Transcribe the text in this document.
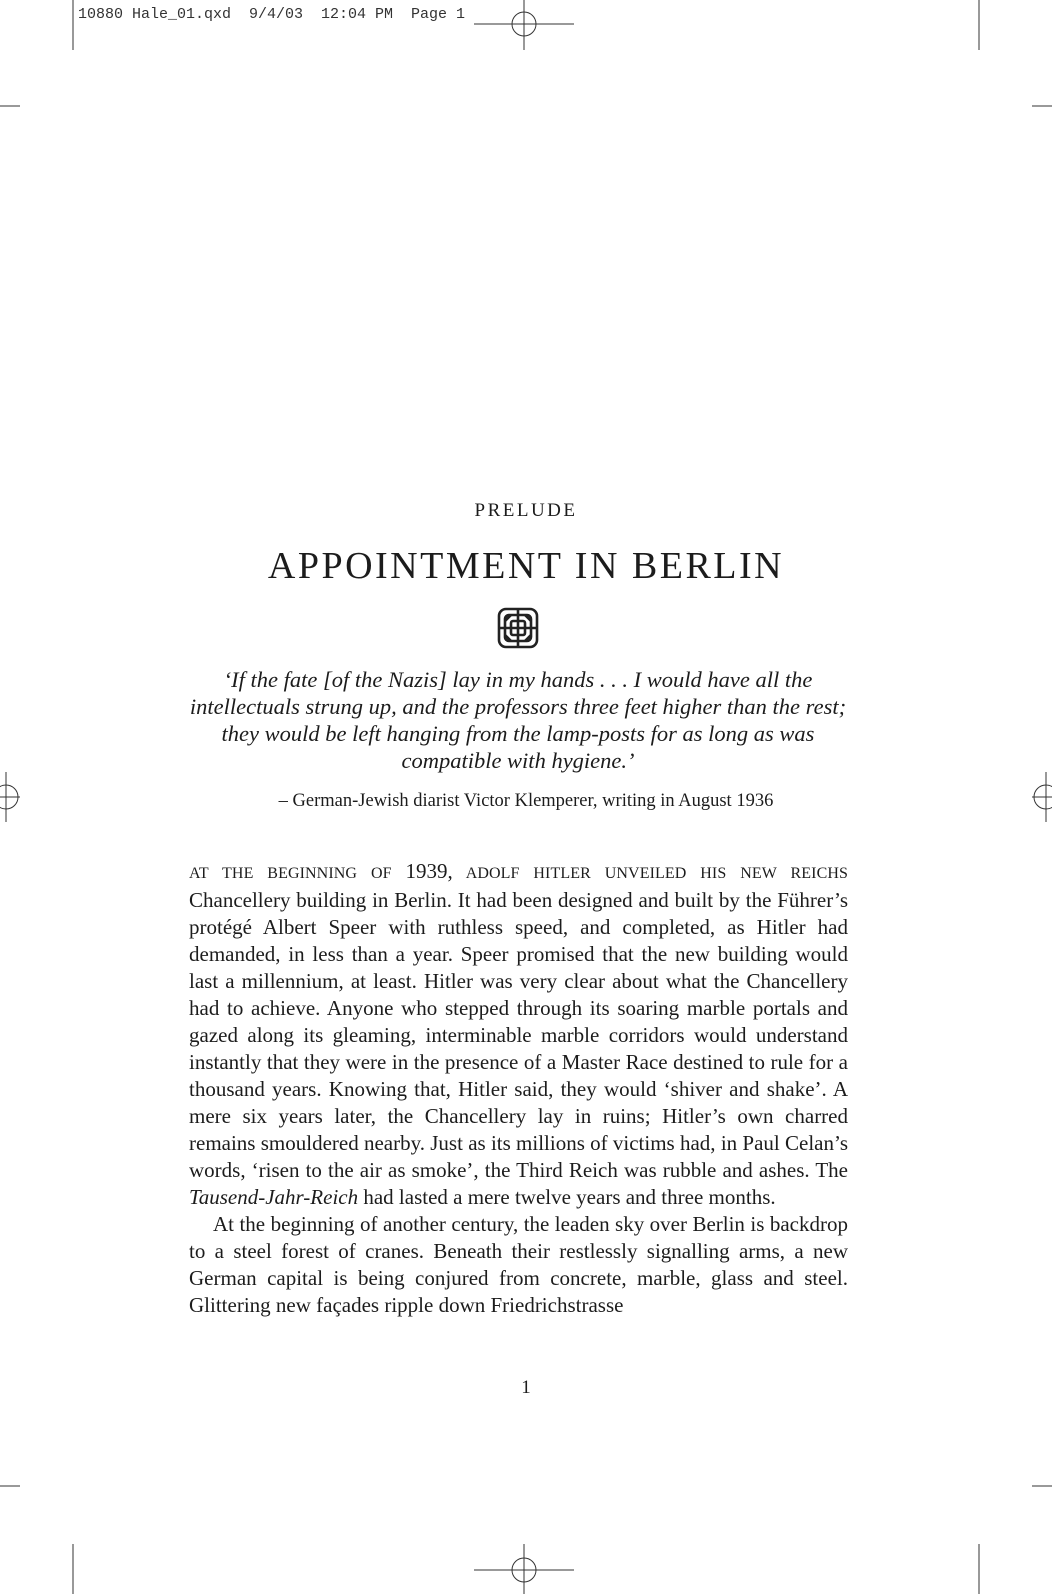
10880 Hale_01.qxd  9/4/03  12:04 PM  Page 1
PRELUDE
APPOINTMENT IN BERLIN

‘If the fate [of the Nazis] lay in my hands . . . I would have all the intellectuals strung up, and the professors three feet higher than the rest; they would be left hanging from the lamp-posts for as long as was compatible with hygiene.’

– German-Jewish diarist Victor Klemperer, writing in August 1936

AT THE BEGINNING OF 1939, ADOLF HITLER UNVEILED HIS NEW REICHS Chancellery building in Berlin. It had been designed and built by the Führer’s protégé Albert Speer with ruthless speed, and completed, as Hitler had demanded, in less than a year. Speer promised that the new building would last a millennium, at least. Hitler was very clear about what the Chancellery had to achieve. Anyone who stepped through its soaring marble portals and gazed along its gleaming, interminable marble corridors would understand instantly that they were in the presence of a Master Race destined to rule for a thousand years. Knowing that, Hitler said, they would ‘shiver and shake’. A mere six years later, the Chancellery lay in ruins; Hitler’s own charred remains smouldered nearby. Just as its millions of victims had, in Paul Celan’s words, ‘risen to the air as smoke’, the Third Reich was rubble and ashes. The Tausend-Jahr-Reich had lasted a mere twelve years and three months.

At the beginning of another century, the leaden sky over Berlin is backdrop to a steel forest of cranes. Beneath their restlessly signalling arms, a new German capital is being conjured from concrete, marble, glass and steel. Glittering new façades ripple down Friedrichstrasse

1
